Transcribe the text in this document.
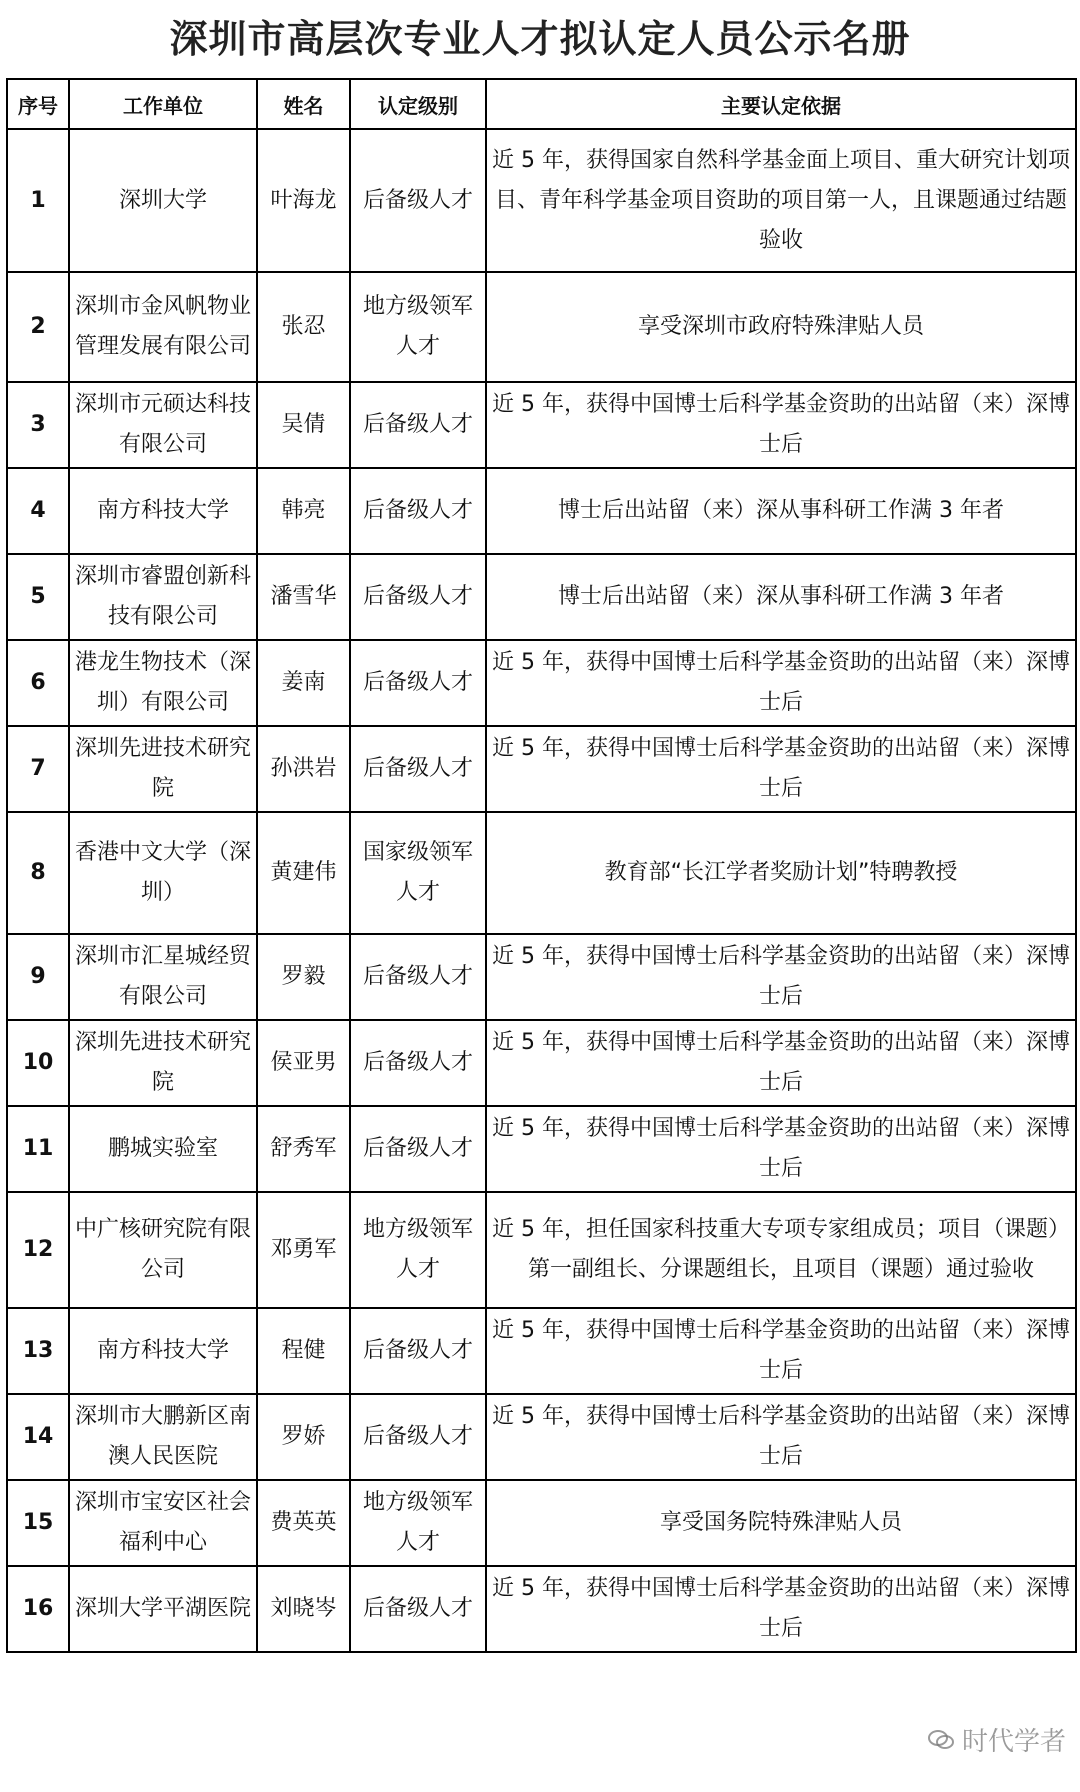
深圳市高层次专业人才拟认定人员公示名册
序号	工作单位	姓名	认定级别	主要认定依据
1	深圳大学	叶海龙	后备级人才	近 5 年，获得国家自然科学基金面上项目、重大研究计划项目、青年科学基金项目资助的项目第一人，且课题通过结题验收
2	深圳市金风帆物业管理发展有限公司	张忍	地方级领军人才	享受深圳市政府特殊津贴人员
3	深圳市元硕达科技有限公司	吴倩	后备级人才	近 5 年，获得中国博士后科学基金资助的出站留（来）深博士后
4	南方科技大学	韩亮	后备级人才	博士后出站留（来）深从事科研工作满 3 年者
5	深圳市睿盟创新科技有限公司	潘雪华	后备级人才	博士后出站留（来）深从事科研工作满 3 年者
6	港龙生物技术（深圳）有限公司	姜南	后备级人才	近 5 年，获得中国博士后科学基金资助的出站留（来）深博士后
7	深圳先进技术研究院	孙洪岩	后备级人才	近 5 年，获得中国博士后科学基金资助的出站留（来）深博士后
8	香港中文大学（深圳）	黄建伟	国家级领军人才	教育部“长江学者奖励计划”特聘教授
9	深圳市汇星城经贸有限公司	罗毅	后备级人才	近 5 年，获得中国博士后科学基金资助的出站留（来）深博士后
10	深圳先进技术研究院	侯亚男	后备级人才	近 5 年，获得中国博士后科学基金资助的出站留（来）深博士后
11	鹏城实验室	舒秀军	后备级人才	近 5 年，获得中国博士后科学基金资助的出站留（来）深博士后
12	中广核研究院有限公司	邓勇军	地方级领军人才	近 5 年，担任国家科技重大专项专家组成员；项目（课题）第一副组长、分课题组长，且项目（课题）通过验收
13	南方科技大学	程健	后备级人才	近 5 年，获得中国博士后科学基金资助的出站留（来）深博士后
14	深圳市大鹏新区南澳人民医院	罗娇	后备级人才	近 5 年，获得中国博士后科学基金资助的出站留（来）深博士后
15	深圳市宝安区社会福利中心	费英英	地方级领军人才	享受国务院特殊津贴人员
16	深圳大学平湖医院	刘晓岑	后备级人才	近 5 年，获得中国博士后科学基金资助的出站留（来）深博士后
时代学者
